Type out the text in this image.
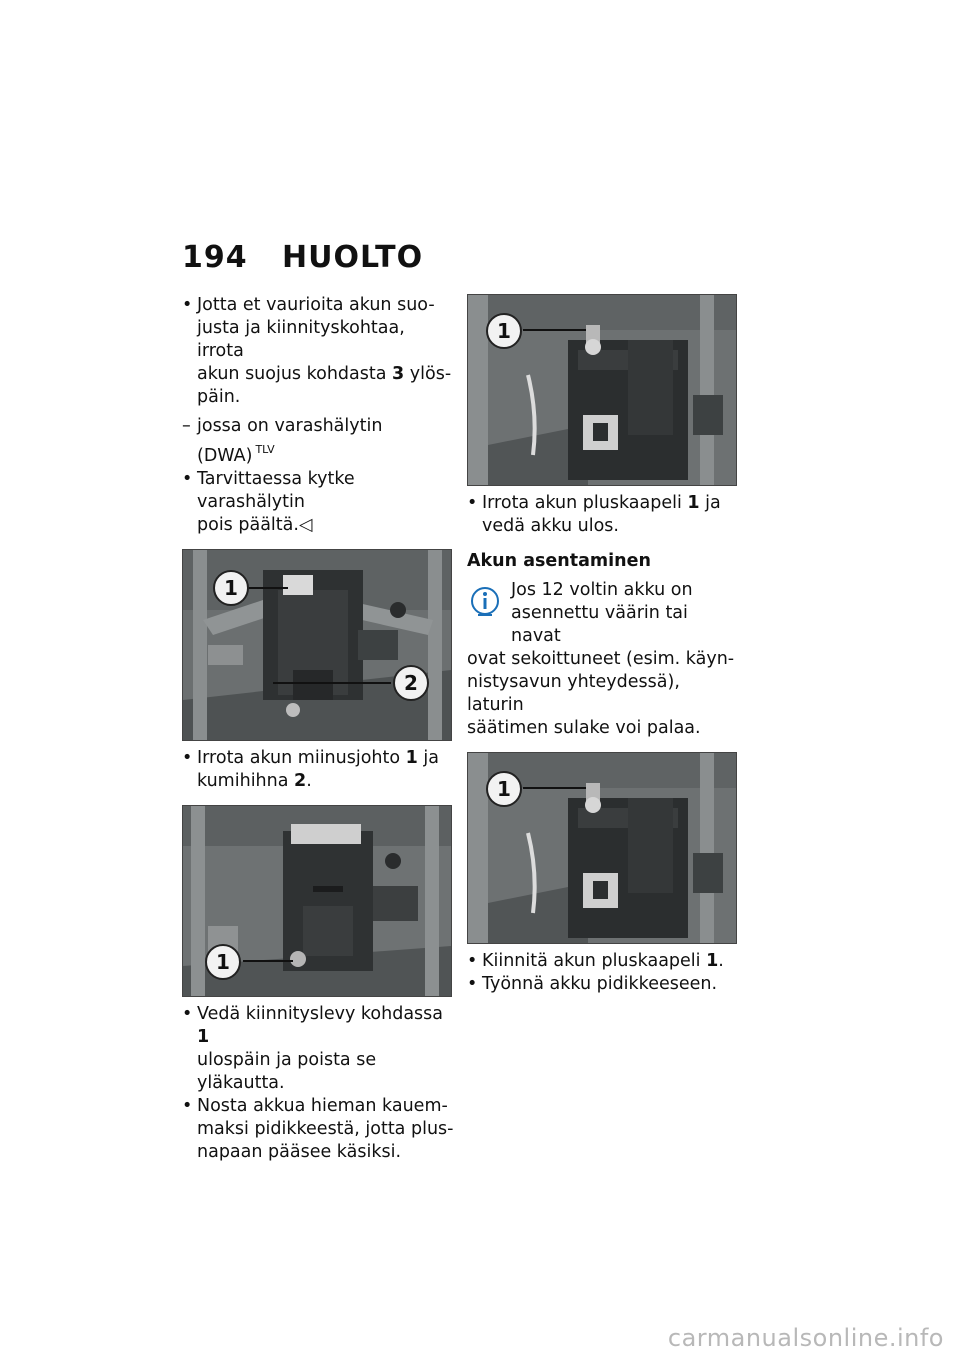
194 HUOLTO

• Jotta et vaurioita akun suo-
justa ja kiinnityskohtaa, irrota
akun suojus kohdasta 3 ylös-
päin.

– jossa on varashälytin
(DWA) $^{TLV}$

• Tarvittaessa kytke varashälytin
pois päältä.◁

1
2

• Irrota akun miinusjohto 1 ja
kumihihna 2.

1

• Vedä kiinnityslevy kohdassa 1
ulospäin ja poista se yläkautta.

• Nosta akkua hieman kauem-
maksi pidikkeestä, jotta plus-
napaan pääsee käsiksi.

1

• Irrota akun pluskaapeli 1 ja
vedä akku ulos.

Akun asentaminen

Jos 12 voltin akku on
asennettu väärin tai navat
ovat sekoittuneet (esim. käyn-
nistysavun yhteydessä), laturin
säätimen sulake voi palaa.
1

• Kiinnitä akun pluskaapeli 1.

• Työnnä akku pidikkeeseen.

carmanualsonline.info
